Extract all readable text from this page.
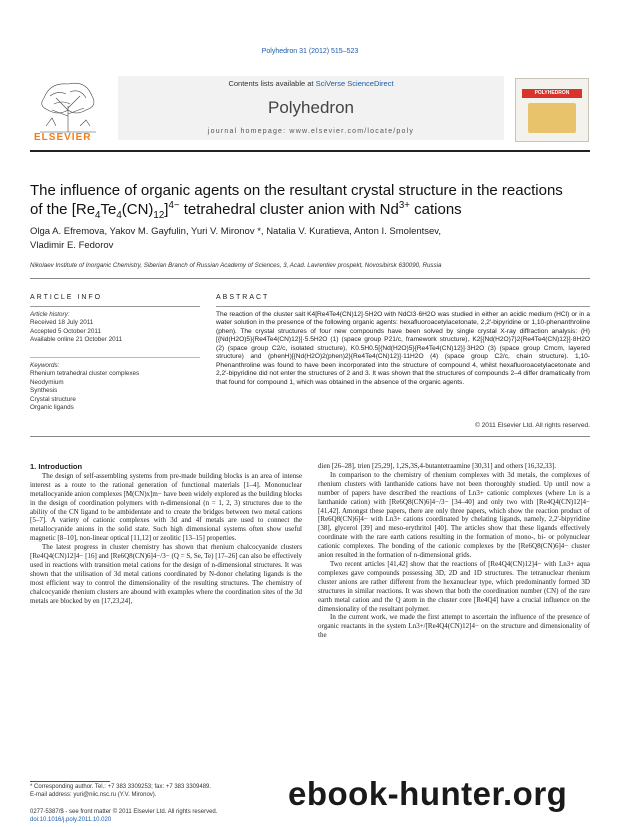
Polyhedron 31 (2012) 515–523
ELSEVIER
Contents lists available at SciVerse ScienceDirect
Polyhedron
journal homepage: www.elsevier.com/locate/poly
POLYHEDRON
The influence of organic agents on the resultant crystal structure in the reactions
of the $[Re_4Te_4(CN)_{12}]^{4-}$ tetrahedral cluster anion with $Nd^{3+}$ cations
Olga A. Efremova, Yakov M. Gayfulin, Yuri V. Mironov *, Natalia V. Kuratieva, Anton I. Smolentsev,
Vladimir E. Fedorov
Nikolaev Institute of Inorganic Chemistry, Siberian Branch of Russian Academy of Sciences, 3, Acad. Lavrentiev prospekt, Novosibirsk 630090, Russia
ARTICLE INFO
Article history:
Received 18 July 2011
Accepted 5 October 2011
Available online 21 October 2011
Keywords:
Rhenium tetrahedral cluster complexes
Neodymium
Synthesis
Crystal structure
Organic ligands
ABSTRACT
The reaction of the cluster salt K4[Re4Te4(CN)12]·5H2O with NdCl3·6H2O was studied in either an acidic medium (HCl) or in a water solution in the presence of the following organic agents: hexafluoroacetylacetonate, 2,2′-bipyridine or 1,10-phenanthroline (phen). The crystal structures of four new compounds have been solved by single crystal X-ray diffraction analysis: (H)[{Nd(H2O)5}{Re4Te4(CN)12}]·5.5H2O (1) (space group P21/c, framework structure), K2[{Nd(H2O)7}2{Re4Te4(CN)12}]·8H2O (2) (space group C2/c, isolated structure), K0.5H0.5[{Nd(H2O)5}{Re4Te4(CN)12}]·3H2O (3) (space group Cmcm, layered structure) and (phenH)[{Nd(H2O)2(phen)2}{Re4Te4(CN)12}]·11H2O (4) (space group C2/c, chain structure). 1,10-Phenanthroline was found to have been incorporated into the structure of compound 4, whilst hexafluoroacetylacetonate and 2,2′-bipyridine did not enter the structures of 2 and 3. It was shown that the structures of compounds 2–4 differ dramatically from that found for compound 1, which was obtained in the absence of the organic agents.
© 2011 Elsevier Ltd. All rights reserved.

1. Introduction

The design of self-assembling systems from pre-made building blocks is an area of intense interest as a route to the rational generation of functional materials [1–4]. Mononuclear metallocyanide anion complexes [M(CN)x]m− have been widely explored as the building blocks in the design of coordination polymers with n-dimensional (n = 1, 2, 3) structures due to the ability of the CN ligand to be ambidentate and to create the bridges between two metal cations [5–7]. A variety of cationic complexes with 3d and 4f metals are used to connect the metallocyanide anions in the solid state. Such high dimensional systems often show useful magnetic [8–10], non-linear optical [11,12] or zeolitic [13–15] properties.

The latest progress in cluster chemistry has shown that rhenium chalcocyanide clusters [Re4Q4(CN)12]4− [16] and [Re6Q8(CN)6]4−/3− (Q = S, Se, Te) [17–26] can also be effectively used in reactions with transition metal cations for the design of n-dimensional structures. It was shown that the utilisation of 3d metal cations coordinated by N-donor chelating ligands is the most efficient way to control the dimensionality of the resulting structures. The chemistry of chalcocyanide rhenium clusters are abound with examples where the coordination sites of the 3d metals are blocked by en [17,23,24],

dien [26–28], trien [25,29], 1,2S,3S,4-butantetraamine [30,31] and others [16,32,33].

In comparison to the chemistry of rhenium complexes with 3d metals, the complexes of rhenium clusters with lanthanide cations have not been thoroughly studied. Up until now a number of papers have described the reactions of Ln3+ cationic complexes (where Ln is a lanthanide cation) with [Re6Q8(CN)6]4−/3− [34–40] and only two with [Re4Q4(CN)12]4− [41,42]. Amongst these papers, there are only three papers, which show the reaction product of [Re6Q8(CN)6]4− with Ln3+ cations coordinated by chelating ligands, namely, 2,2′-bipyridine [38], glycerol [39] and meso-erythritol [40]. The articles show that these ligands effectively coordinate with the rare earth cations resulting in the formation of mono-, bi- or polynuclear cationic complexes. The bonding of the cationic complexes by the [Re6Q8(CN)6]4− cluster anion resulted in the formation of n-dimensional grids.

Two recent articles [41,42] show that the reactions of [Re4Q4(CN)12]4− with Ln3+ aqua complexes gave compounds possessing 3D, 2D and 1D structures. The tetranuclear rhenium cluster anions are rather different from the hexanuclear type, which predominantly formed 3D structures in similar reactions. It was shown that both the coordination number (CN) of the rare earth metal cation and the Q atom in the cluster core [Re4Q4] have a crucial influence on the dimensionality of the resultant polymer.

In the current work, we made the first attempt to ascertain the influence of the presence of organic reactants in the system Ln3+/[Re4Q4(CN)12]4− on the structure and dimensionality of the

* Corresponding author. Tel.: +7 383 3309253; fax: +7 383 3309489.
E-mail address: yuri@niic.nsc.ru (Y.V. Mironov).
0277-5387/$ - see front matter © 2011 Elsevier Ltd. All rights reserved.
doi:10.1016/j.poly.2011.10.020
ebook-hunter.org
